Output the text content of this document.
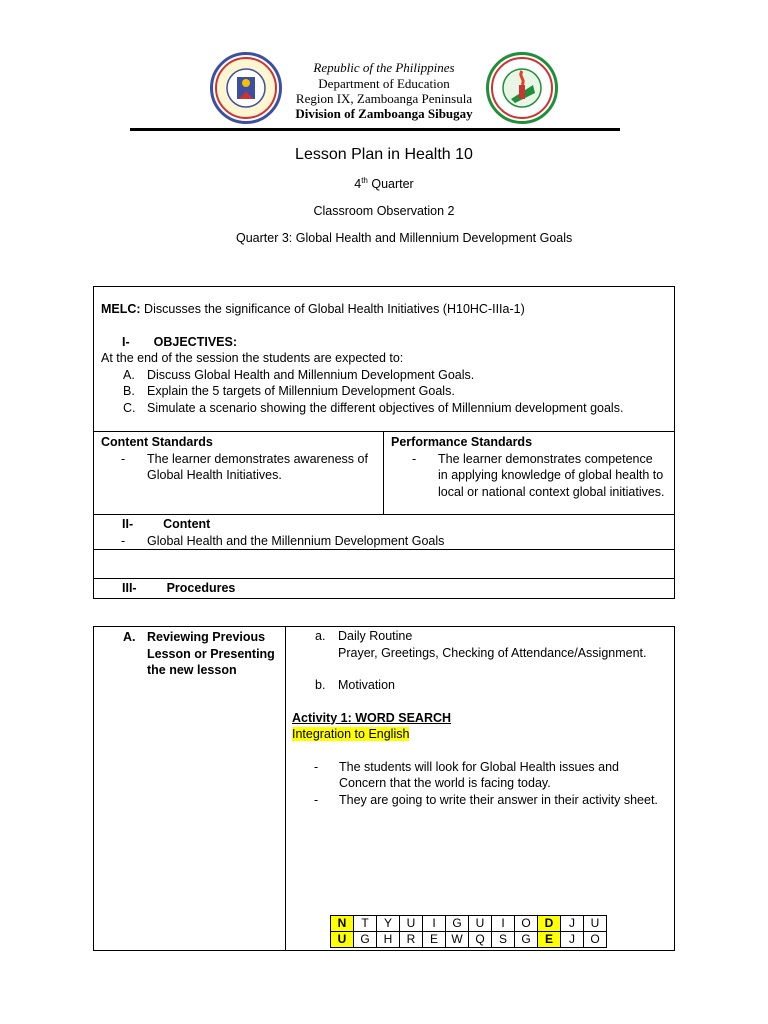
Republic of the Philippines
Department of Education
Region IX, Zamboanga Peninsula
Division of Zamboanga Sibugay
Lesson Plan in Health 10
4th Quarter
Classroom Observation 2
Quarter 3: Global Health and Millennium Development Goals
MELC: Discusses the significance of Global Health Initiatives (H10HC-IIIa-1)
I- OBJECTIVES:
At the end of the session the students are expected to:
A. Discuss Global Health and Millennium Development Goals.
B. Explain the 5 targets of Millennium Development Goals.
C. Simulate a scenario showing the different objectives of Millennium development goals.

Content Standards
- The learner demonstrates awareness of
Global Health Initiatives.

Performance Standards
- The learner demonstrates competence
in applying knowledge of global health to
local or national context global initiatives.

II- Content
- Global Health and the Millennium Development Goals

III- Procedures
A. Reviewing Previous
Lesson or Presenting
the new lesson

a. Daily Routine
Prayer, Greetings, Checking of Attendance/Assignment.
b. Motivation
Activity 1: WORD SEARCH
Integration to English
- The students will look for Global Health issues and
Concern that the world is facing today.
- They are going to write their answer in their activity sheet.
N	T	Y	U	I	G	U	I	O	D	J	U
U	G	H	R	E	W	Q	S	G	E	J	O
